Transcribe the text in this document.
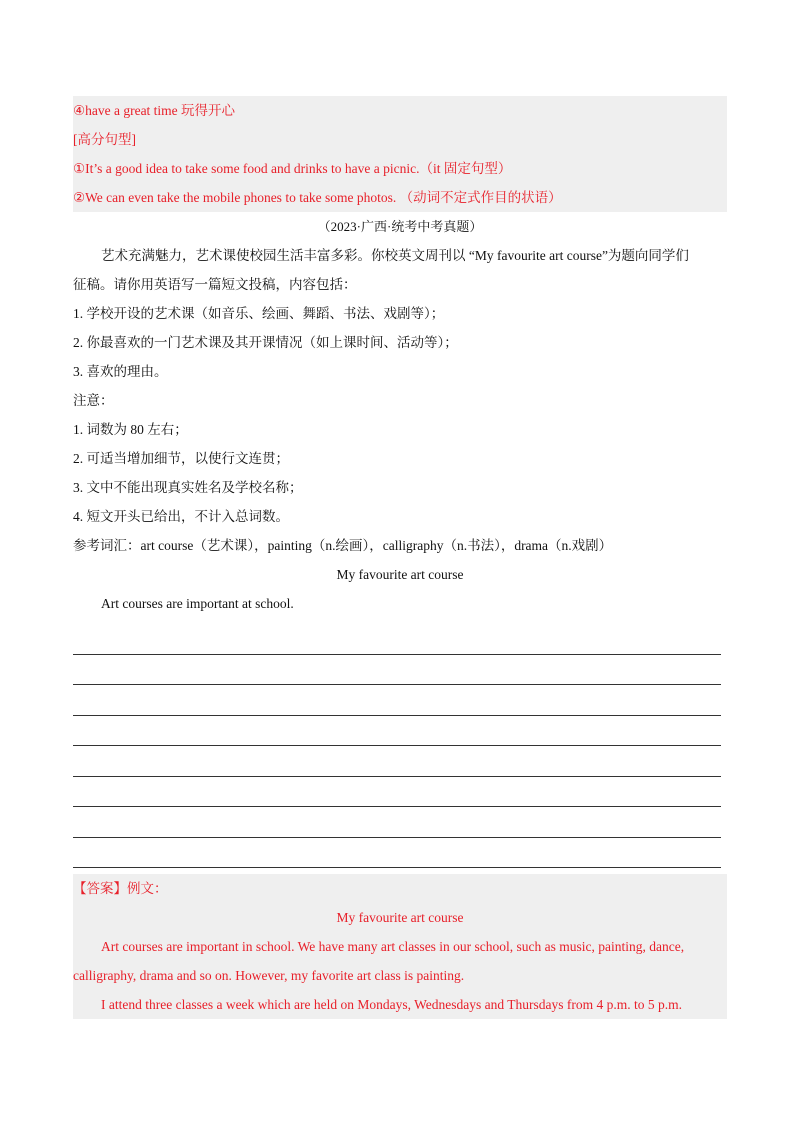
④have a great time 玩得开心
[高分句型]
①It’s a good idea to take some food and drinks to have a picnic.（it 固定句型）
②We can even take the mobile phones to take some photos. （动词不定式作目的状语）
（2023·广西·统考中考真题）
艺术充满魅力，艺术课使校园生活丰富多彩。你校英文周刊以 “My favourite art course”为题向同学们
征稿。请你用英语写一篇短文投稿，内容包括：
1. 学校开设的艺术课（如音乐、绘画、舞蹈、书法、戏剧等）；
2. 你最喜欢的一门艺术课及其开课情况（如上课时间、活动等）；
3. 喜欢的理由。
注意：
1. 词数为 80 左右；
2. 可适当增加细节，以使行文连贯；
3. 文中不能出现真实姓名及学校名称；
4. 短文开头已给出，不计入总词数。
参考词汇：art course（艺术课），painting（n.绘画），calligraphy（n.书法），drama（n.戏剧）
My favourite art course
Art courses are important at school.
【答案】例文：
My favourite art course
Art courses are important in school. We have many art classes in our school, such as music, painting, dance,
calligraphy, drama and so on. However, my favorite art class is painting.
I attend three classes a week which are held on Mondays, Wednesdays and Thursdays from 4 p.m. to 5 p.m.
